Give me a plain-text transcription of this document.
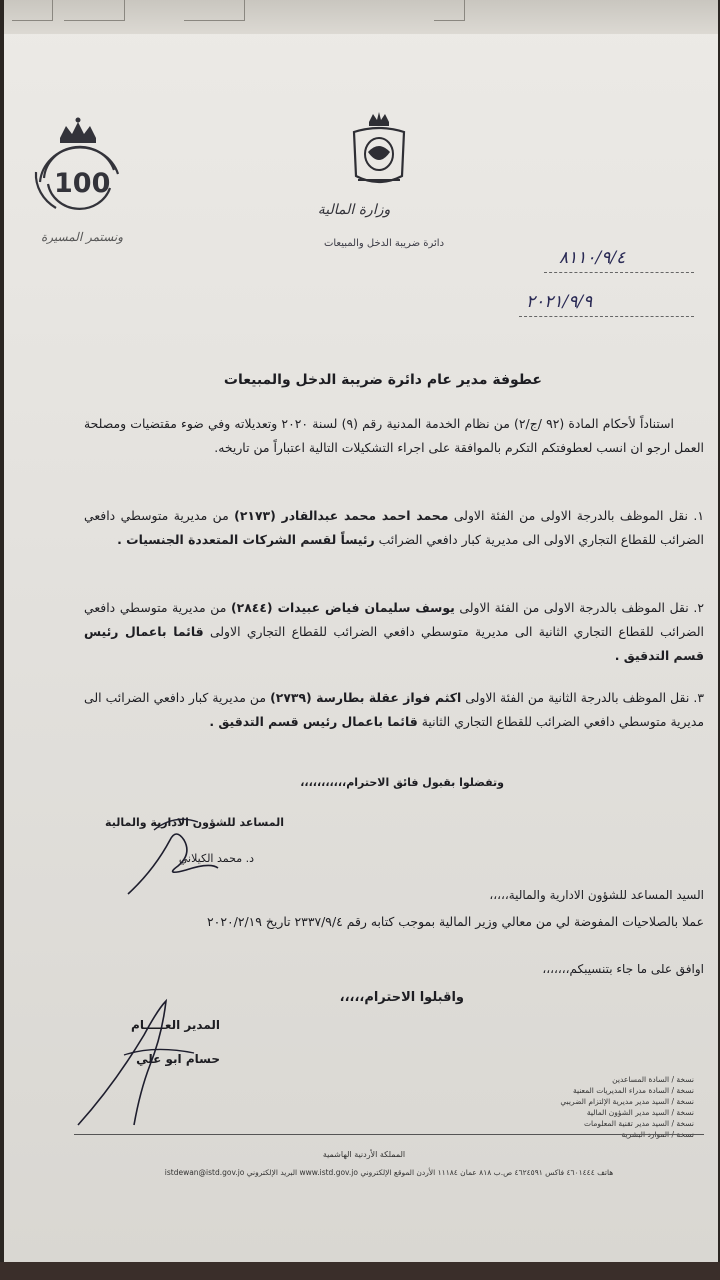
100
ونستمر المسيرة
وزارة المالية
دائرة ضريبة الدخل والمبيعات
٨١١٠/٩/٤
٢٠٢١/٩/٩
عطوفة مدير عام دائرة ضريبة الدخل والمبيعات
استناداً لأحكام المادة (٩٢ /ج/٢) من نظام الخدمة المدنية رقم (٩) لسنة ٢٠٢٠ وتعديلاته وفي ضوء مقتضيات ومصلحة العمل ارجو ان انسب لعطوفتكم التكرم بالموافقة على اجراء التشكيلات التالية اعتباراً من تاريخه.
١. نقل الموظف بالدرجة الاولى من الفئة الاولى محمد احمد محمد عبدالقادر (٢١٧٣) من مديرية متوسطي دافعي الضرائب للقطاع التجاري الاولى الى مديرية كبار دافعي الضرائب رئيساً لقسم الشركات المتعددة الجنسيات .
٢. نقل الموظف بالدرجة الاولى من الفئة الاولى يوسف سليمان فياض عبيدات (٢٨٤٤) من مديرية متوسطي دافعي الضرائب للقطاع التجاري الثانية الى مديرية متوسطي دافعي الضرائب للقطاع التجاري الاولى قائما باعمال رئيس قسم التدقيق .
٣. نقل الموظف بالدرجة الثانية من الفئة الاولى اكثم فواز عقلة بطارسة (٢٧٣٩) من مديرية كبار دافعي الضرائب الى مديرية متوسطي دافعي الضرائب للقطاع التجاري الثانية قائما باعمال رئيس قسم التدقيق .
وتفضلوا بقبول فائق الاحترام،،،،،،،،،،،
المساعد للشؤون الادارية والمالية
د. محمد الكيلاني
السيد المساعد للشؤون الادارية والمالية،،،،،
عملا بالصلاحيات المفوضة لي من معالي وزير المالية بموجب كتابه رقم ٢٣٣٧/٩/٤ تاريخ ٢٠٢٠/٢/١٩
اوافق على ما جاء بتنسيبكم،،،،،،،
واقبلوا الاحترام،،،،،
المدير العـــــام
حسام ابو علي
نسخة / السادة المساعدين
نسخة / السادة مدراء المديريات المعنية
نسخة / السيد مدير مديرية الإلتزام الضريبي
نسخة / السيد مدير الشؤون المالية
نسخة / السيد مدير تقنية المعلومات
المملكة الأردنية الهاشمية
هاتف ٤٦٠١٤٤٤ فاكس ٤٦٢٤٥٩١ ص.ب ٨١٨ عمان ١١١٨٤ الأردن الموقع الإلكتروني www.istd.gov.jo البريد الإلكتروني istdewan@istd.gov.jo
